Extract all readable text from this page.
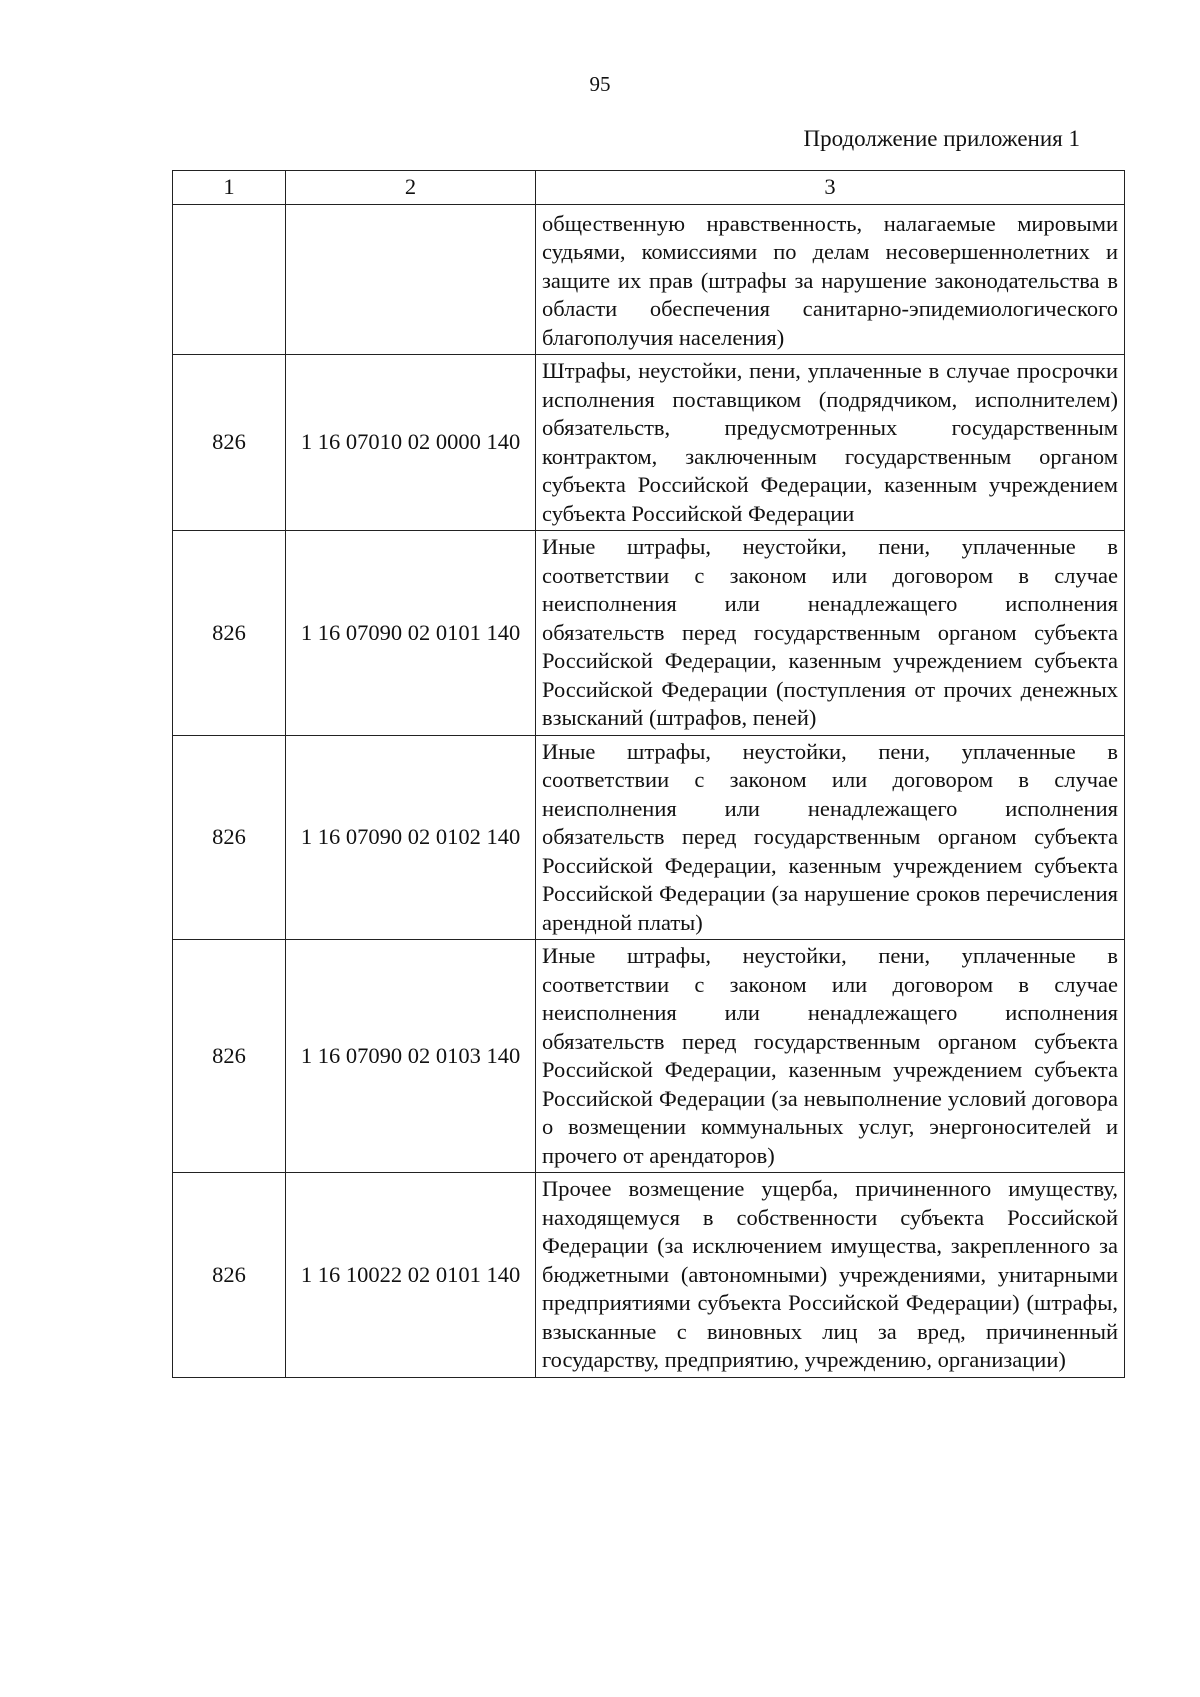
95
Продолжение приложения 1
1	2	3
		общественную нравственность, налагаемые мировыми судьями, комиссиями по делам несовершеннолетних и защите их прав (штрафы за нарушение законодательства в области обеспечения санитарно-эпидемиологического благополучия населения)
826	1 16 07010 02 0000 140	Штрафы, неустойки, пени, уплаченные в случае просрочки исполнения поставщиком (подрядчиком, исполнителем) обязательств, предусмотренных государственным контрактом, заключенным государственным органом субъекта Российской Федерации, казенным учреждением субъекта Российской Федерации
826	1 16 07090 02 0101 140	Иные штрафы, неустойки, пени, уплаченные в соответствии с законом или договором в случае неисполнения или ненадлежащего исполнения обязательств перед государственным органом субъекта Российской Федерации, казенным учреждением субъекта Российской Федерации (поступления от прочих денежных взысканий (штрафов, пеней)
826	1 16 07090 02 0102 140	Иные штрафы, неустойки, пени, уплаченные в соответствии с законом или договором в случае неисполнения или ненадлежащего исполнения обязательств перед государственным органом субъекта Российской Федерации, казенным учреждением субъекта Российской Федерации (за нарушение сроков перечисления арендной платы)
826	1 16 07090 02 0103 140	Иные штрафы, неустойки, пени, уплаченные в соответствии с законом или договором в случае неисполнения или ненадлежащего исполнения обязательств перед государственным органом субъекта Российской Федерации, казенным учреждением субъекта Российской Федерации (за невыполнение условий договора о возмещении коммунальных услуг, энергоносителей и прочего от арендаторов)
826	1 16 10022 02 0101 140	Прочее возмещение ущерба, причиненного имуществу, находящемуся в собственности субъекта Российской Федерации (за исключением имущества, закрепленного за бюджетными (автономными) учреждениями, унитарными предприятиями субъекта Российской Федерации) (штрафы, взысканные с виновных лиц за вред, причиненный государству, предприятию, учреждению, организации)
